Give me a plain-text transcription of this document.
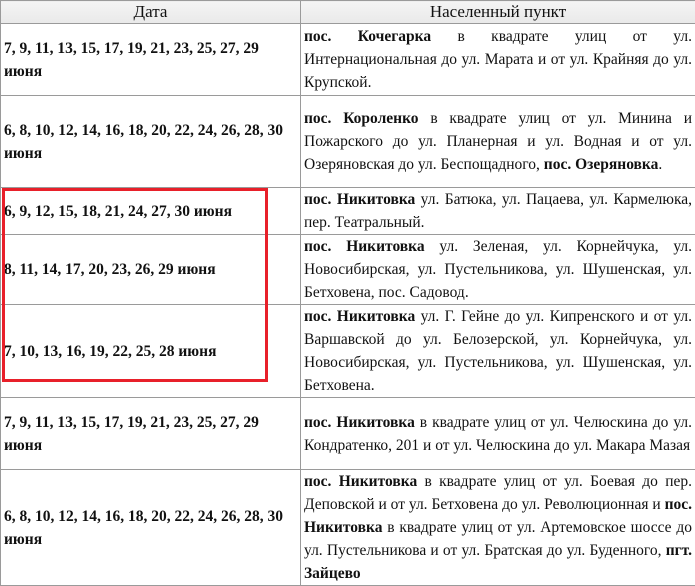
Дата	Населенный пункт
7, 9, 11, 13, 15, 17, 19, 21, 23, 25, 27, 29 июня	пос. Кочегарка в квадрате улиц от ул. Интернациональная до ул. Марата и от ул. Крайняя до ул. Крупской.
6, 8, 10, 12, 14, 16, 18, 20, 22, 24, 26, 28, 30 июня	пос. Короленко в квадрате улиц от ул. Минина и Пожарского до ул. Планерная и ул. Водная и от ул. Озеряновская до ул. Беспощадного, пос. Озеряновка.
6, 9, 12, 15, 18, 21, 24, 27, 30 июня	пос. Никитовка ул. Батюка, ул. Пацаева, ул. Кармелюка, пер. Театральный.
8, 11, 14, 17, 20, 23, 26, 29 июня	пос. Никитовка ул. Зеленая, ул. Корнейчука, ул. Новосибирская, ул. Пустельникова, ул. Шушенская, ул. Бетховена, пос. Садовод.
7, 10, 13, 16, 19, 22, 25, 28 июня	пос. Никитовка ул. Г. Гейне до ул. Кипренского и от ул. Варшавской до ул. Белозерской, ул. Корнейчука, ул. Новосибирская, ул. Пустельникова, ул. Шушенская, ул. Бетховена.
7, 9, 11, 13, 15, 17, 19, 21, 23, 25, 27, 29 июня	пос. Никитовка в квадрате улиц от ул. Челюскина до ул. Кондратенко, 201 и от ул. Челюскина до ул. Макара Мазая
6, 8, 10, 12, 14, 16, 18, 20, 22, 24, 26, 28, 30 июня	пос. Никитовка в квадрате улиц от ул. Боевая до пер. Деповской и от ул. Бетховена до ул. Революционная и пос. Никитовка в квадрате улиц от ул. Артемовское шоссе до ул. Пустельникова и от ул. Братская до ул. Буденного, пгт. Зайцево
